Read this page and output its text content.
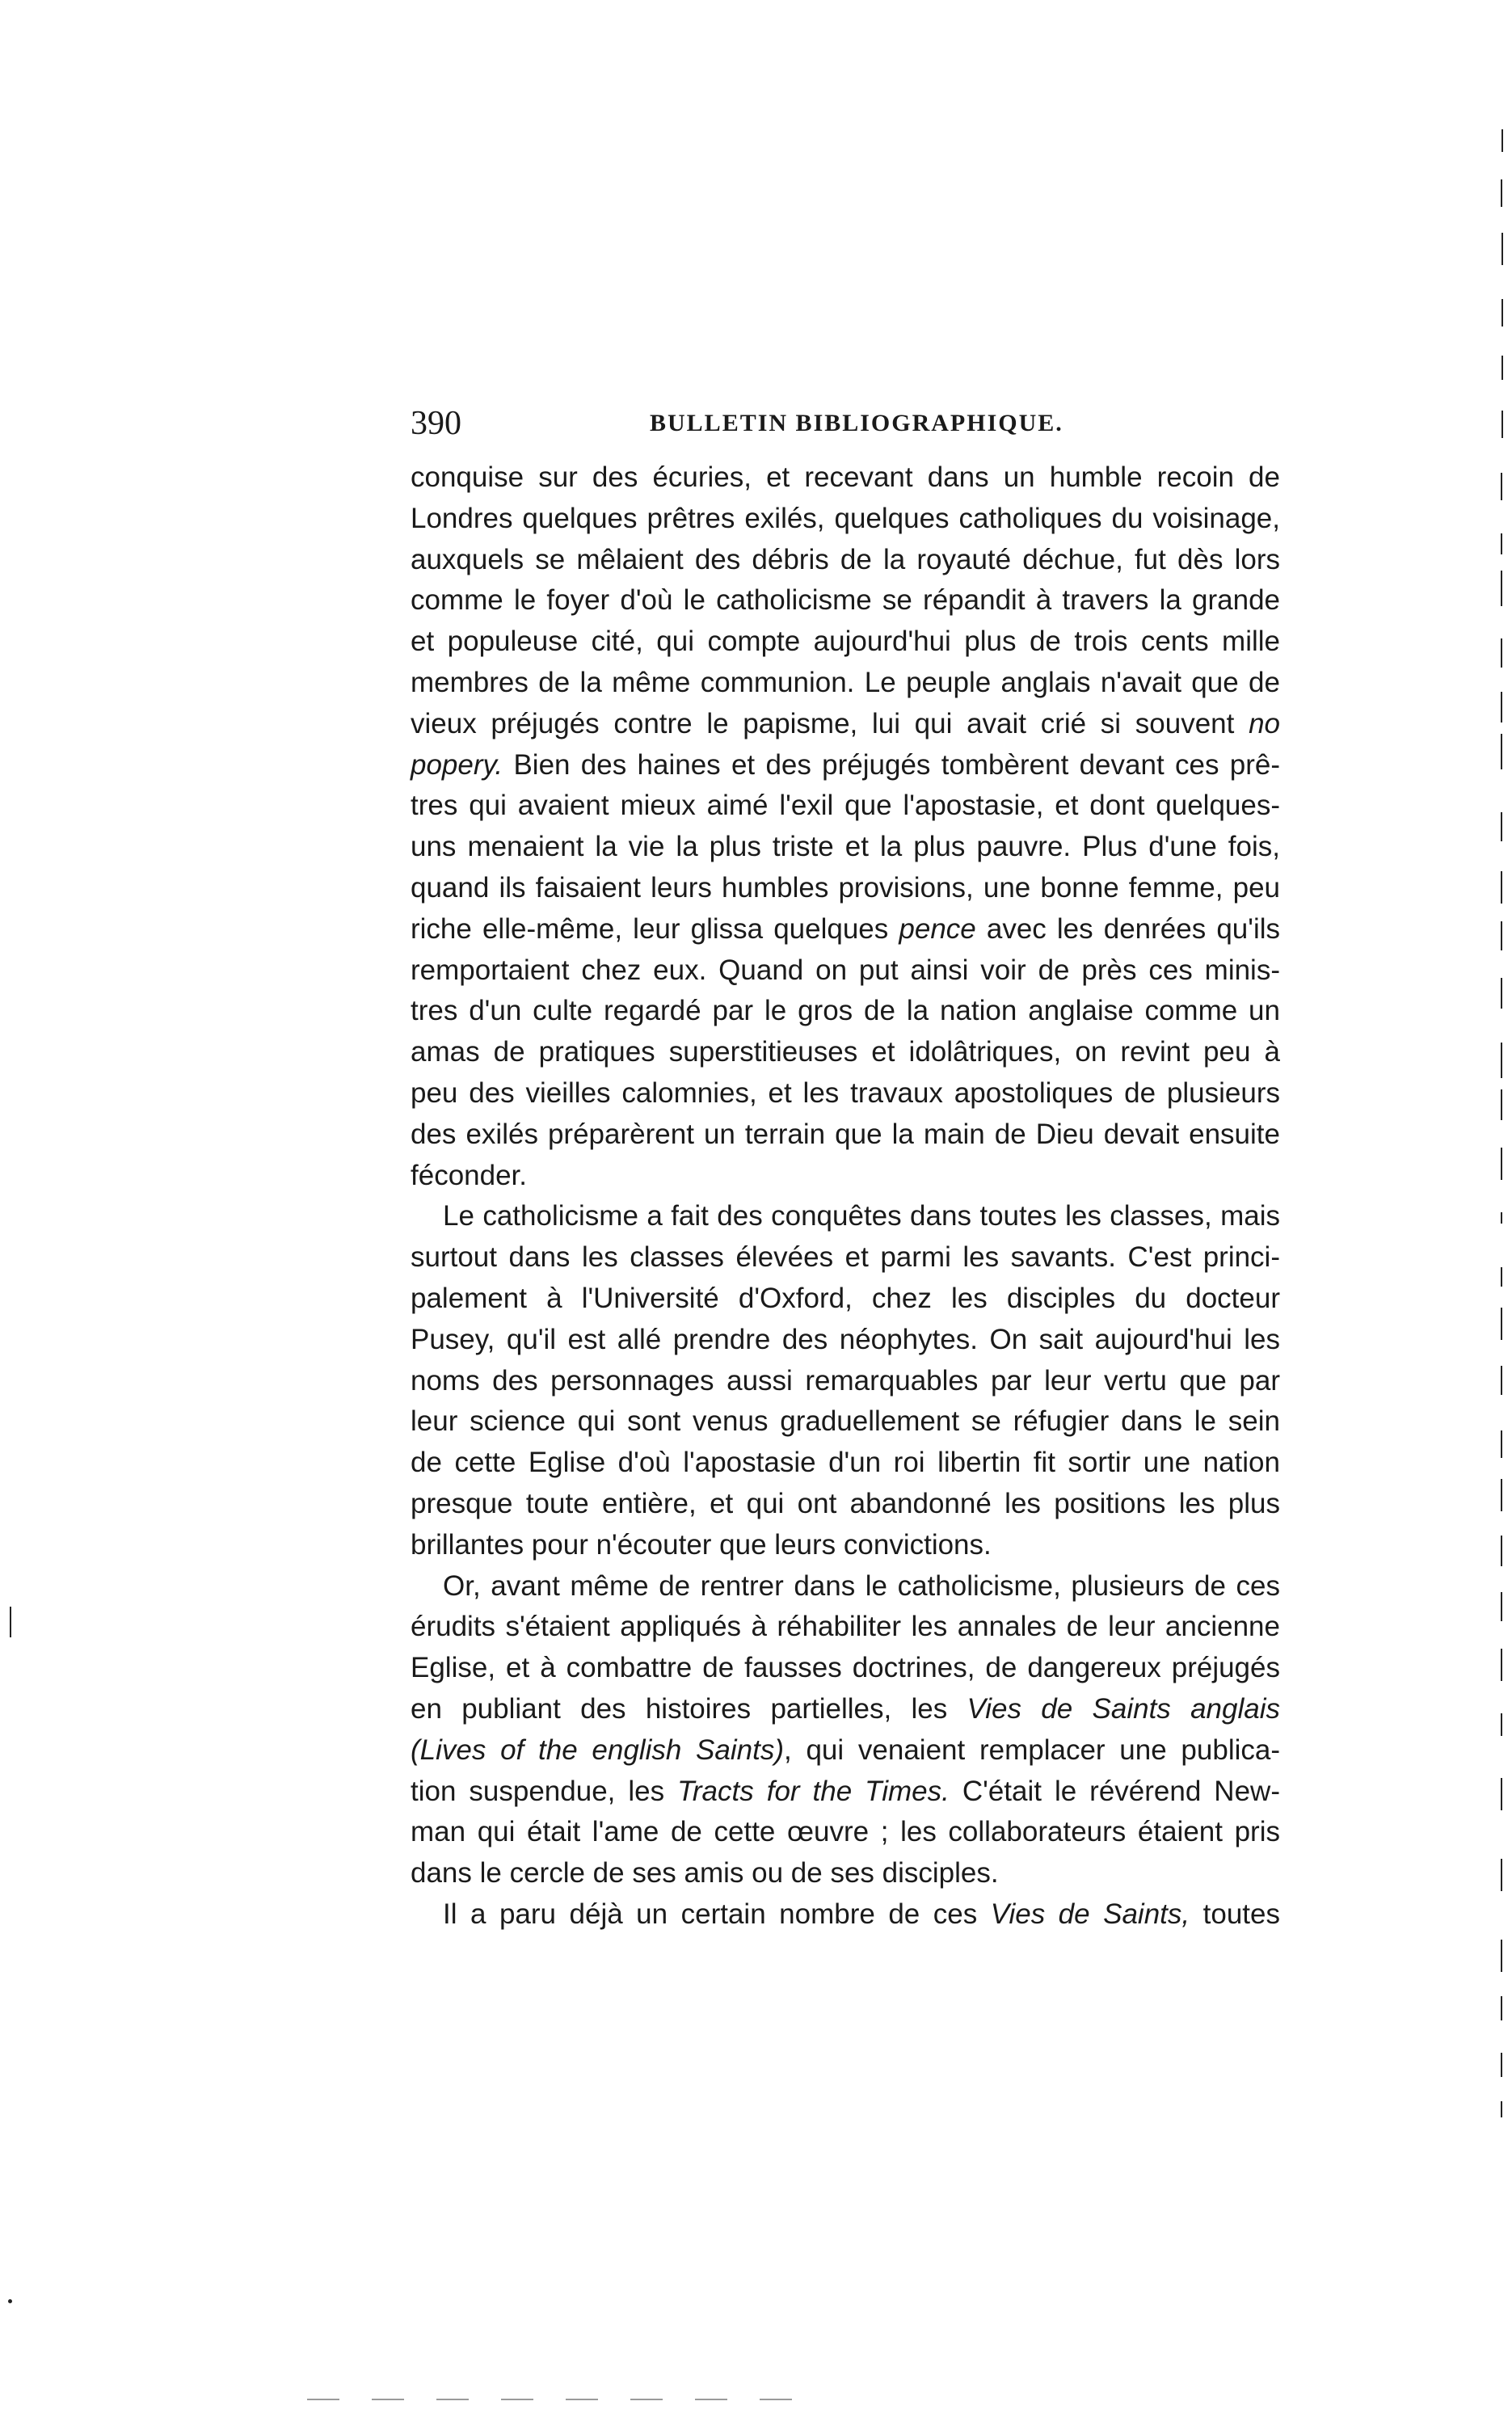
390	BULLETIN BIBLIOGRAPHIQUE.
conquise sur des écuries, et recevant dans un humble recoin de
Londres quelques prêtres exilés, quelques catholiques du voisinage,
auxquels se mêlaient des débris de la royauté déchue, fut dès lors
comme le foyer d'où le catholicisme se répandit à travers la grande
et populeuse cité, qui compte aujourd'hui plus de trois cents mille
membres de la même communion. Le peuple anglais n'avait que de
vieux préjugés contre le papisme, lui qui avait crié si souvent no
popery. Bien des haines et des préjugés tombèrent devant ces prê-
tres qui avaient mieux aimé l'exil que l'apostasie, et dont quelques-
uns menaient la vie la plus triste et la plus pauvre. Plus d'une fois,
quand ils faisaient leurs humbles provisions, une bonne femme, peu
riche elle-même, leur glissa quelques pence avec les denrées qu'ils
remportaient chez eux. Quand on put ainsi voir de près ces minis-
tres d'un culte regardé par le gros de la nation anglaise comme un
amas de pratiques superstitieuses et idolâtriques, on revint peu à
peu des vieilles calomnies, et les travaux apostoliques de plusieurs
des exilés préparèrent un terrain que la main de Dieu devait ensuite
féconder.
Le catholicisme a fait des conquêtes dans toutes les classes, mais
surtout dans les classes élevées et parmi les savants. C'est princi-
palement à l'Université d'Oxford, chez les disciples du docteur
Pusey, qu'il est allé prendre des néophytes. On sait aujourd'hui les
noms des personnages aussi remarquables par leur vertu que par
leur science qui sont venus graduellement se réfugier dans le sein
de cette Eglise d'où l'apostasie d'un roi libertin fit sortir une nation
presque toute entière, et qui ont abandonné les positions les plus
brillantes pour n'écouter que leurs convictions.
Or, avant même de rentrer dans le catholicisme, plusieurs de ces
érudits s'étaient appliqués à réhabiliter les annales de leur ancienne
Eglise, et à combattre de fausses doctrines, de dangereux préjugés
en publiant des histoires partielles, les Vies de Saints anglais
(Lives of the english Saints), qui venaient remplacer une publica-
tion suspendue, les Tracts for the Times. C'était le révérend New-
man qui était l'ame de cette œuvre ; les collaborateurs étaient pris
dans le cercle de ses amis ou de ses disciples.
Il a paru déjà un certain nombre de ces Vies de Saints, toutes
